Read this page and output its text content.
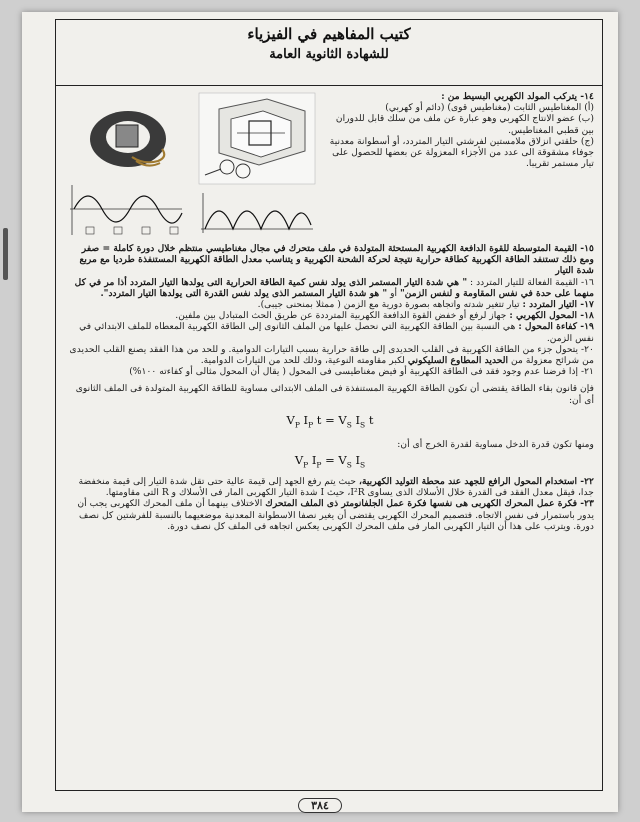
كتيب المفاهيم في الفيزياء
للشهادة الثانوية العامة

١٤- يتركب المولد الكهربي البسيط من :

(أ) المغناطيس الثابت (مغناطيس قوى) (دائم أو كهربي)

(ب) عضو الانتاج الكهربي وهو عبارة عن ملف من سلك قابل للدوران بين قطبي المغناطيس.

(ج) حلقتي انزلاق ملامستين لفرشتي التيار المتردد، أو أسطوانة معدنية جوفاء مشقوقة الى عدد من الأجزاء المعزولة عن بعضها للحصول على تيار مستمر تقريبا.

١٥- القيمة المتوسطة للقوة الدافعة الكهربية المستحثة المتولدة في ملف متحرك في مجال مغناطيسي منتظم خلال دورة كاملة = صفر ومع ذلك تستنفد الطاقة الكهربية كطاقة حرارية نتيجة لحركة الشحنة الكهربية و يتناسب معدل الطاقة الكهربية المستنفذة طرديا مع مربع شدة التيار

١٦- القيمة الفعالة للتيار المتردد : " هي شدة التيار المستمر الذى يولد نفس كمية الطاقة الحرارية التى يولدها التيار المتردد أذا مر في كل منهما على حدة في نفس المقاومة و لنفس الزمن" أو " هو شدة التيار المستمر الذى يولد نفس القدرة التى يولدها التيار المتردد".

١٧- التيار المتردد : تيار تتغير شدته واتجاهه بصورة دورية مع الزمن ( ممثلا بمنحنى جيبى).

١٨- المحول الكهربي : جهاز لرفع أو خفض القوة الدافعة الكهربية المترددة عن طريق الحث المتبادل بين ملفين.

١٩- كفاءة المحول : هي النسبة بين الطاقة الكهربية التي نحصل عليها من الملف الثانوى إلى الطاقة الكهربية المعطاه للملف الابتدائي في نفس الزمن.

٢٠- يتحول جزء من الطاقة الكهربية فى القلب الحديدى إلى طاقة حرارية بسبب التيارات الدوامية. و للحد من هذا الفقد يصنع القلب الحديدى من شرائح معزولة من الحديد المطاوع السليكوني لكبر مقاومته النوعية، وذلك للحد من التيارات الدوامية.

٢١- إذا فرضنا عدم وجود فقد فى الطاقة الكهربية أو فيض مغناطيسى فى المحول ( يقال أن المحول مثالى أو كفاءته ١٠٠%)

فإن قانون بقاء الطاقة يقتضى أن تكون الطاقة الكهربية المستنفذة فى الملف الابتدائى مساوية للطاقة الكهربية المتولدة فى الملف الثانوى أى أن:

$V_P$ $I_P$ $t = V_S$ $I_S$ t

ومنها تكون قدرة الدخل مساوية لقدرة الخرج أى أن:

$V_P$ $I_P = V_S$ $I_S$

٢٢- استخدام المحول الرافع للجهد عند محطة التوليد الكهربية، حيث يتم رفع الجهد إلى قيمة عالية حتى تقل شدة التيار إلى قيمة منخفضة جدا، فيقل معدل الفقد فى القدرة خلال الأسلاك الذى يساوى I²R، حيث I شدة التيار الكهربى المار فى الأسلاك و R التى مقاومتها.

٢٣- فكرة عمل المحرك الكهربى هى نفسها فكرة عمل الجلفانومتر ذى الملف المتحرك الاختلاف بينهما أن ملف المحرك الكهربى يجب أن يدور باستمرار فى نفس الاتجاه. فتصميم المحرك الكهربى يقتضى أن يغير نصفا الاسطوانة المعدنية موضعيهما بالنسبة للفرشتين كل نصف دورة. ويترتب على هذا أن التيار الكهربى المار فى ملف المحرك الكهربى يعكس اتجاهه فى الملف كل نصف دورة.

٣٨٤
